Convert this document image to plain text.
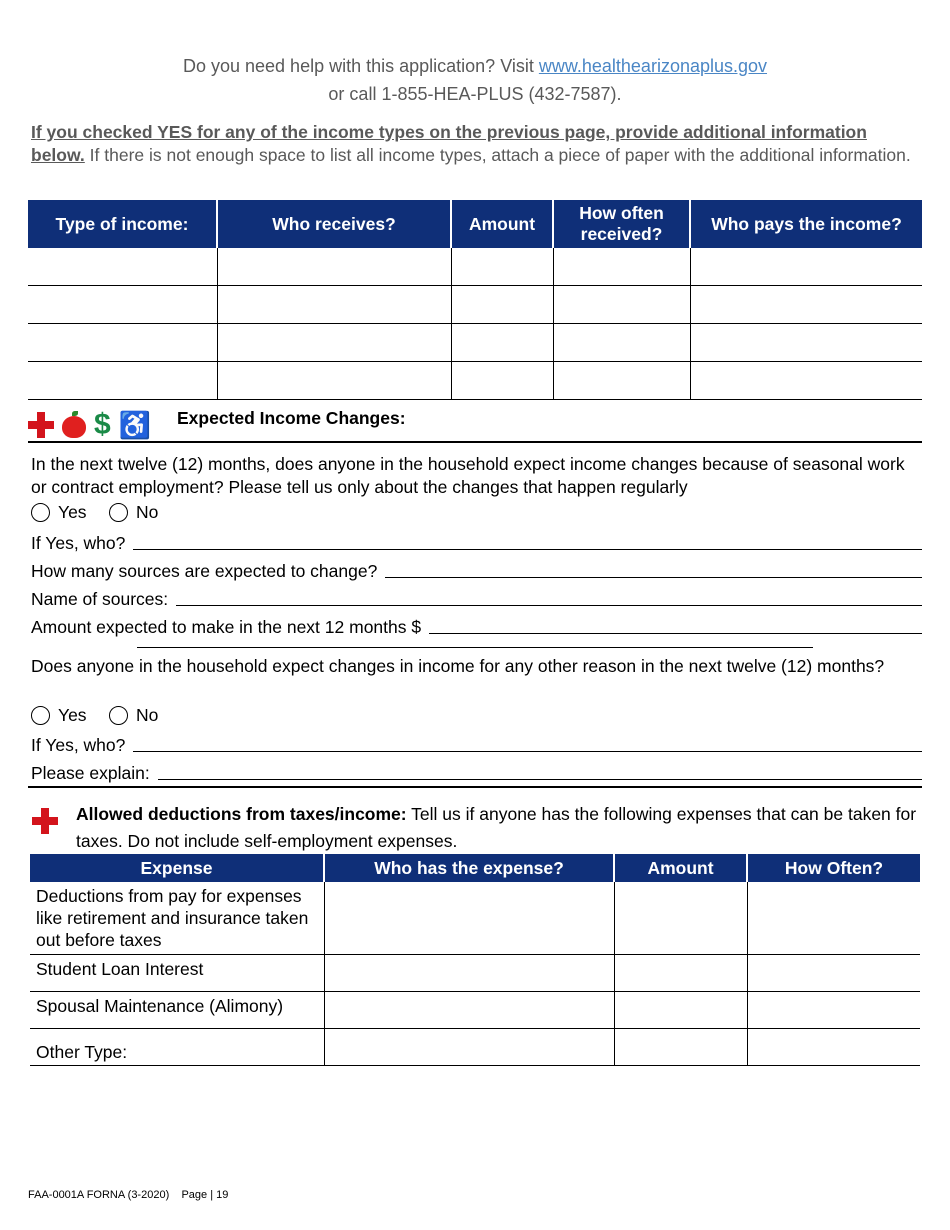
Do you need help with this application? Visit www.healthearizonaplus.gov
or call 1-855-HEA-PLUS (432-7587).
If you checked YES for any of the income types on the previous page, provide additional information below. If there is not enough space to list all income types, attach a piece of paper with the additional information.
Type of income:	Who receives?	Amount	How often received?	Who pays the income?

$ ♿ Expected Income Changes:
In the next twelve (12) months, does anyone in the household expect income changes because of seasonal work or contract employment? Please tell us only about the changes that happen regularly
Yes	No
If Yes, who?
How many sources are expected to change?
Name of sources:
Amount expected to make in the next 12 months $
Does anyone in the household expect changes in income for any other reason in the next twelve (12) months?
Yes	No
If Yes, who?
Please explain:
Allowed deductions from taxes/income: Tell us if anyone has the following expenses that can be taken for taxes. Do not include self-employment expenses.
Expense	Who has the expense?	Amount	How Often?
Deductions from pay for expenses like retirement and insurance taken out before taxes			
Student Loan Interest			
Spousal Maintenance (Alimony)			
Other Type:			
FAA-0001A FORNA (3-2020)    Page | 19
